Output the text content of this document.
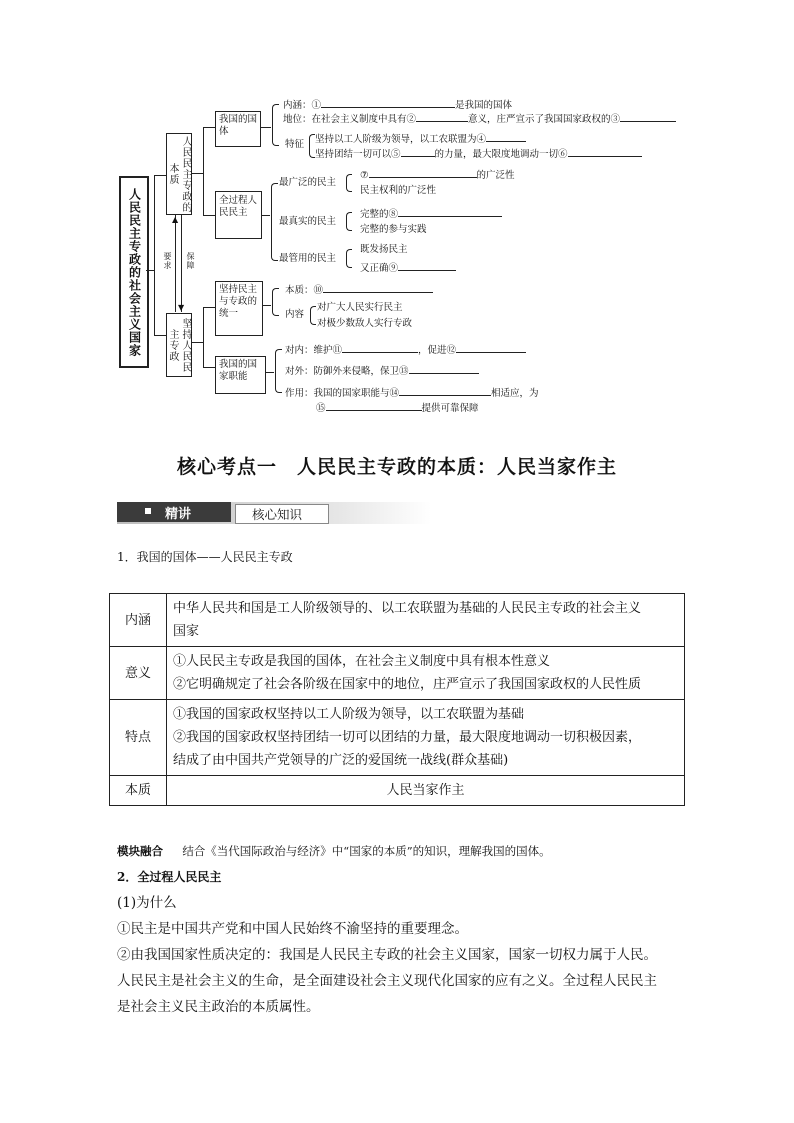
人民民主专政的社会主义国家
人民民主专政的本质
▲
▼
要求 保障
坚持人民民主专政
我国的国体
内涵：①	是我国的国体
地位：在社会主义制度中具有②	意义，庄严宣示了我国国家政权的③
特征 坚持以工人阶级为领导，以工农联盟为④
坚持团结一切可以⑤	的力量，最大限度地调动一切⑥
全过程人民民主
最广泛的民主
⑦	的广泛性
民主权利的广泛性
最真实的民主
完整的⑧
完整的参与实践
最管用的民主
既发扬民主
又正确⑨
坚持民主与专政的统一
本质：⑩
内容
对广大人民实行民主
对极少数敌人实行专政
我国的国家职能
对内：维护⑪	，促进⑫
对外：防御外来侵略，保卫⑬
作用：我国的国家职能与⑭	相适应，为
⑮	提供可靠保障
核心考点一　人民民主专政的本质：人民当家作主
精讲	核心知识
1．我国的国体——人民民主专政
内涵	中华人民共和国是工人阶级领导的、以工农联盟为基础的人民民主专政的社会主义
国家

意义	①人民民主专政是我国的国体，在社会主义制度中具有根本性意义
②它明确规定了社会各阶级在国家中的地位，庄严宣示了我国国家政权的人民性质

特点	①我国的国家政权坚持以工人阶级为领导，以工农联盟为基础
②我国的国家政权坚持团结一切可以团结的力量，最大限度地调动一切积极因素，
结成了由中国共产党领导的广泛的爱国统一战线(群众基础)

本质	人民当家作主
模块融合 结合《当代国际政治与经济》中“国家的本质”的知识，理解我国的国体。
2．全过程人民民主
(1)为什么
①民主是中国共产党和中国人民始终不渝坚持的重要理念。
②由我国国家性质决定的：我国是人民民主专政的社会主义国家，国家一切权力属于人民。
人民民主是社会主义的生命，是全面建设社会主义现代化国家的应有之义。全过程人民民主
是社会主义民主政治的本质属性。
